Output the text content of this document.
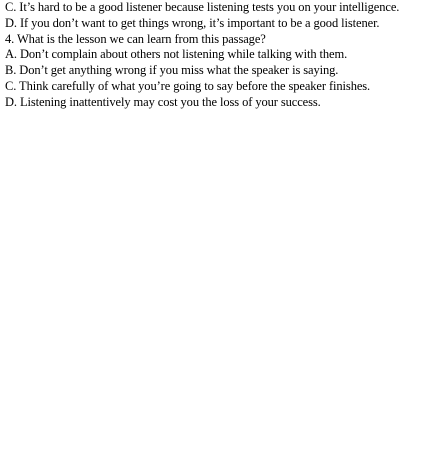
C. It’s hard to be a good listener because listening tests you on your intelligence.
D. If you don’t want to get things wrong, it’s important to be a good listener.
4. What is the lesson we can learn from this passage?
A. Don’t complain about others not listening while talking with them.
B. Don’t get anything wrong if you miss what the speaker is saying.
C. Think carefully of what you’re going to say before the speaker finishes.
D. Listening inattentively may cost you the loss of your success.
